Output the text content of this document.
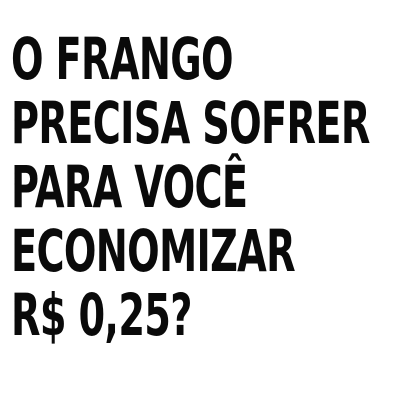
O FRANGO
PRECISA SOFRER
PARA VOCÊ
ECONOMIZAR
R$ 0,25?
